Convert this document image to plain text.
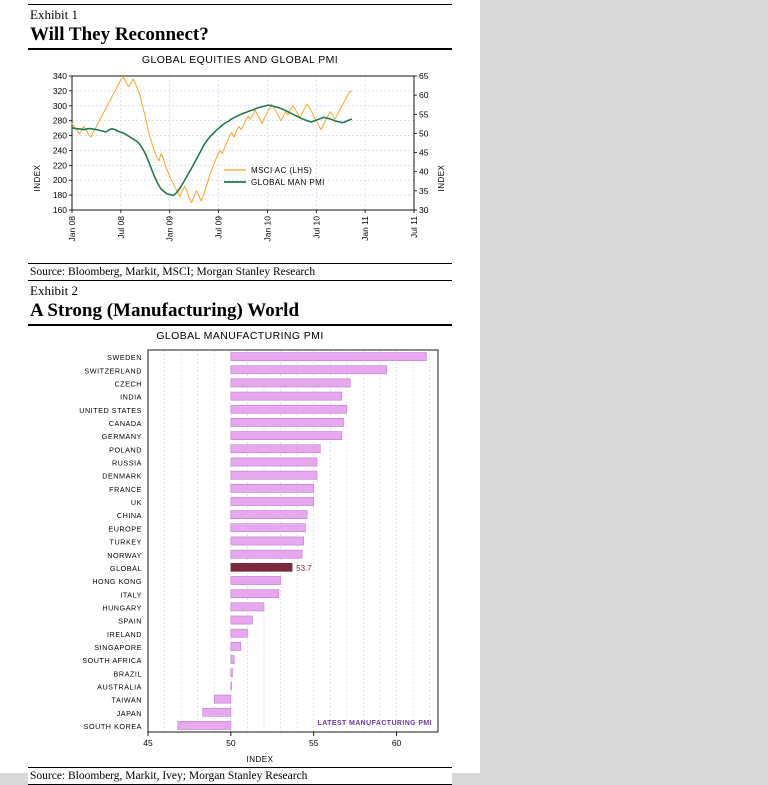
Exhibit 1
Will They Reconnect?
GLOBAL EQUITIES AND GLOBAL PMI
160
180
200
220
240
260
280
300
320
340
30
35
40
45
50
55
60
65
Jan 08	Jul 08	Jan 09	Jul 09	Jan 10	Jul 10	Jan 11	Jul 11
MSCI AC (LHS)
GLOBAL MAN PMI
INDEX	INDEX
Source: Bloomberg, Markit, MSCI; Morgan Stanley Research
Exhibit 2
A Strong (Manufacturing) World
GLOBAL MANUFACTURING PMI
53.7
SWEDEN
SWITZERLAND
CZECH
INDIA
UNITED STATES
CANADA
GERMANY
POLAND
RUSSIA
DENMARK
FRANCE
UK
CHINA
EUROPE
TURKEY
NORWAY
GLOBAL
HONG KONG
ITALY
HUNGARY
SPAIN
IRELAND
SINGAPORE
SOUTH AFRICA
BRAZIL
AUSTRALIA
TAIWAN
JAPAN
SOUTH KOREA
45	50	55	60
LATEST MANUFACTURING PMI
INDEX
Source: Bloomberg, Markit, Ivey; Morgan Stanley Research
